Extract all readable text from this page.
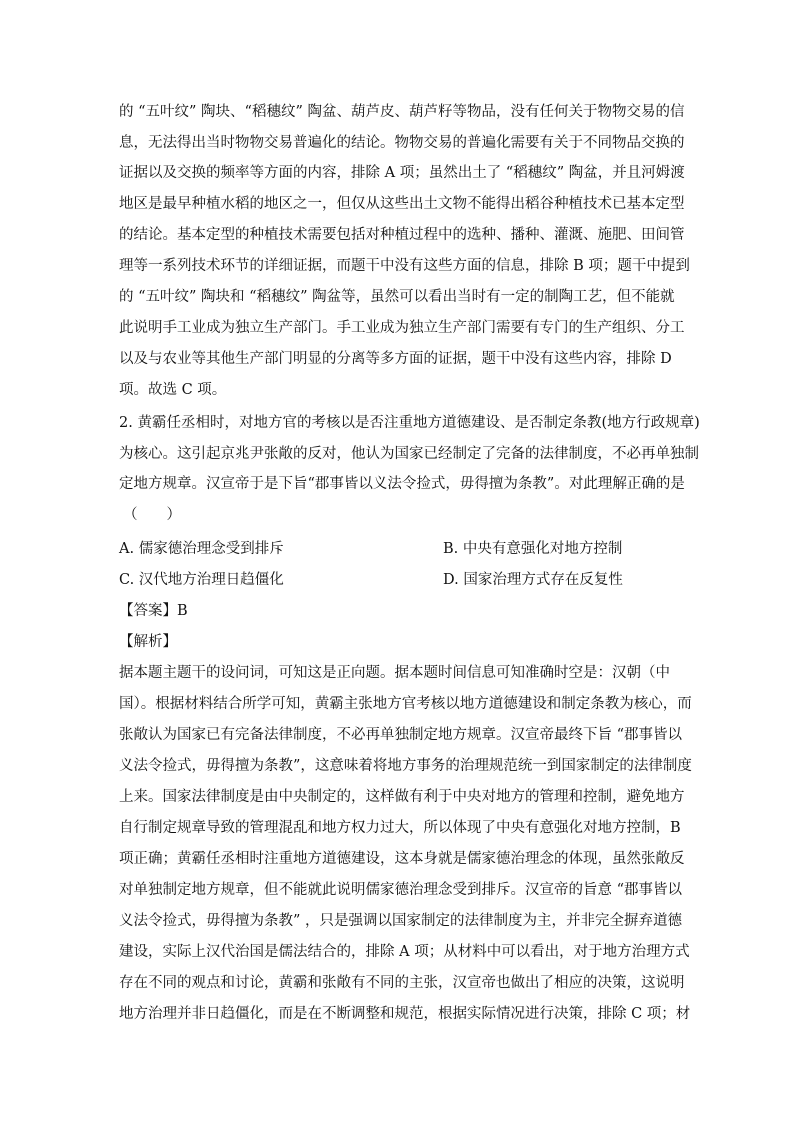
的 “五叶纹” 陶块、“稻穗纹” 陶盆、葫芦皮、葫芦籽等物品，没有任何关于物物交易的信
息，无法得出当时物物交易普遍化的结论。物物交易的普遍化需要有关于不同物品交换的
证据以及交换的频率等方面的内容，排除 A 项；虽然出土了 “稻穗纹” 陶盆，并且河姆渡
地区是最早种植水稻的地区之一，但仅从这些出土文物不能得出稻谷种植技术已基本定型
的结论。基本定型的种植技术需要包括对种植过程中的选种、播种、灌溉、施肥、田间管
理等一系列技术环节的详细证据，而题干中没有这些方面的信息，排除 B 项；题干中提到
的 “五叶纹” 陶块和 “稻穗纹” 陶盆等，虽然可以看出当时有一定的制陶工艺，但不能就
此说明手工业成为独立生产部门。手工业成为独立生产部门需要有专门的生产组织、分工
以及与农业等其他生产部门明显的分离等多方面的证据，题干中没有这些内容，排除 D
项。故选 C 项。
2. 黄霸任丞相时，对地方官的考核以是否注重地方道德建设、是否制定条教(地方行政规章)
为核心。这引起京兆尹张敞的反对，他认为国家已经制定了完备的法律制度，不必再单独制
定地方规章。汉宣帝于是下旨“郡事皆以义法令捡式，毋得擅为条教”。对此理解正确的是
（　　）
A. 儒家德治理念受到排斥	B. 中央有意强化对地方控制
C. 汉代地方治理日趋僵化	D. 国家治理方式存在反复性
【答案】B
【解析】
据本题主题干的设问词，可知这是正向题。据本题时间信息可知准确时空是：汉朝（中
国）。根据材料结合所学可知，黄霸主张地方官考核以地方道德建设和制定条教为核心，而
张敞认为国家已有完备法律制度，不必再单独制定地方规章。汉宣帝最终下旨 “郡事皆以
义法令捡式，毋得擅为条教”，这意味着将地方事务的治理规范统一到国家制定的法律制度
上来。国家法律制度是由中央制定的，这样做有利于中央对地方的管理和控制，避免地方
自行制定规章导致的管理混乱和地方权力过大，所以体现了中央有意强化对地方控制，B
项正确；黄霸任丞相时注重地方道德建设，这本身就是儒家德治理念的体现，虽然张敞反
对单独制定地方规章，但不能就此说明儒家德治理念受到排斥。汉宣帝的旨意 “郡事皆以
义法令捡式，毋得擅为条教” ，只是强调以国家制定的法律制度为主，并非完全摒弃道德
建设，实际上汉代治国是儒法结合的，排除 A 项；从材料中可以看出，对于地方治理方式
存在不同的观点和讨论，黄霸和张敞有不同的主张，汉宣帝也做出了相应的决策，这说明
地方治理并非日趋僵化，而是在不断调整和规范，根据实际情况进行决策，排除 C 项；材
